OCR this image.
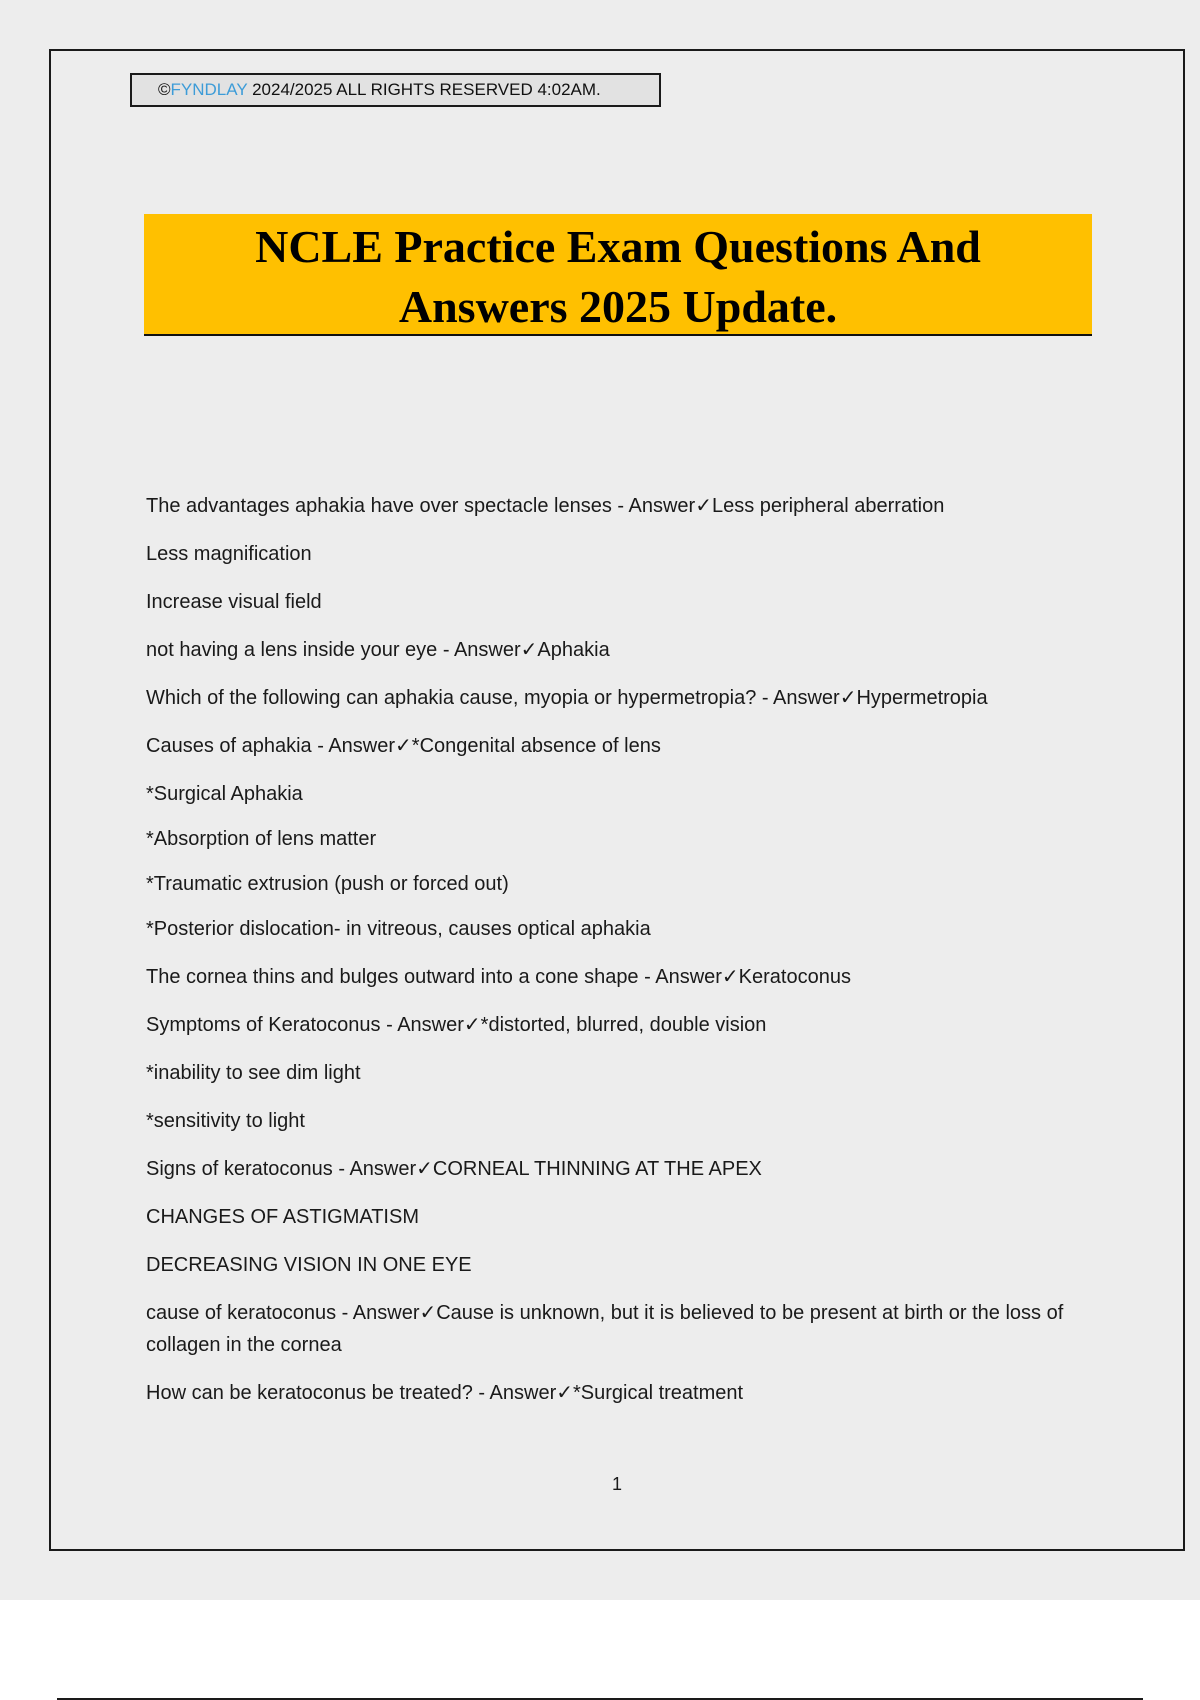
©FYNDLAY 2024/2025 ALL RIGHTS RESERVED 4:02AM.
NCLE Practice Exam Questions And
Answers 2025 Update.

The advantages aphakia have over spectacle lenses - Answer✓Less peripheral aberration

Less magnification

Increase visual field

not having a lens inside your eye - Answer✓Aphakia

Which of the following can aphakia cause, myopia or hypermetropia? - Answer✓Hypermetropia

Causes of aphakia - Answer✓*Congenital absence of lens

*Surgical Aphakia

*Absorption of lens matter

*Traumatic extrusion (push or forced out)

*Posterior dislocation- in vitreous, causes optical aphakia

The cornea thins and bulges outward into a cone shape - Answer✓Keratoconus

Symptoms of Keratoconus - Answer✓*distorted, blurred, double vision

*inability to see dim light

*sensitivity to light

Signs of keratoconus - Answer✓CORNEAL THINNING AT THE APEX

CHANGES OF ASTIGMATISM

DECREASING VISION IN ONE EYE

cause of keratoconus - Answer✓Cause is unknown, but it is believed to be present at birth or the loss of collagen in the cornea

How can be keratoconus be treated? - Answer✓*Surgical treatment

1
